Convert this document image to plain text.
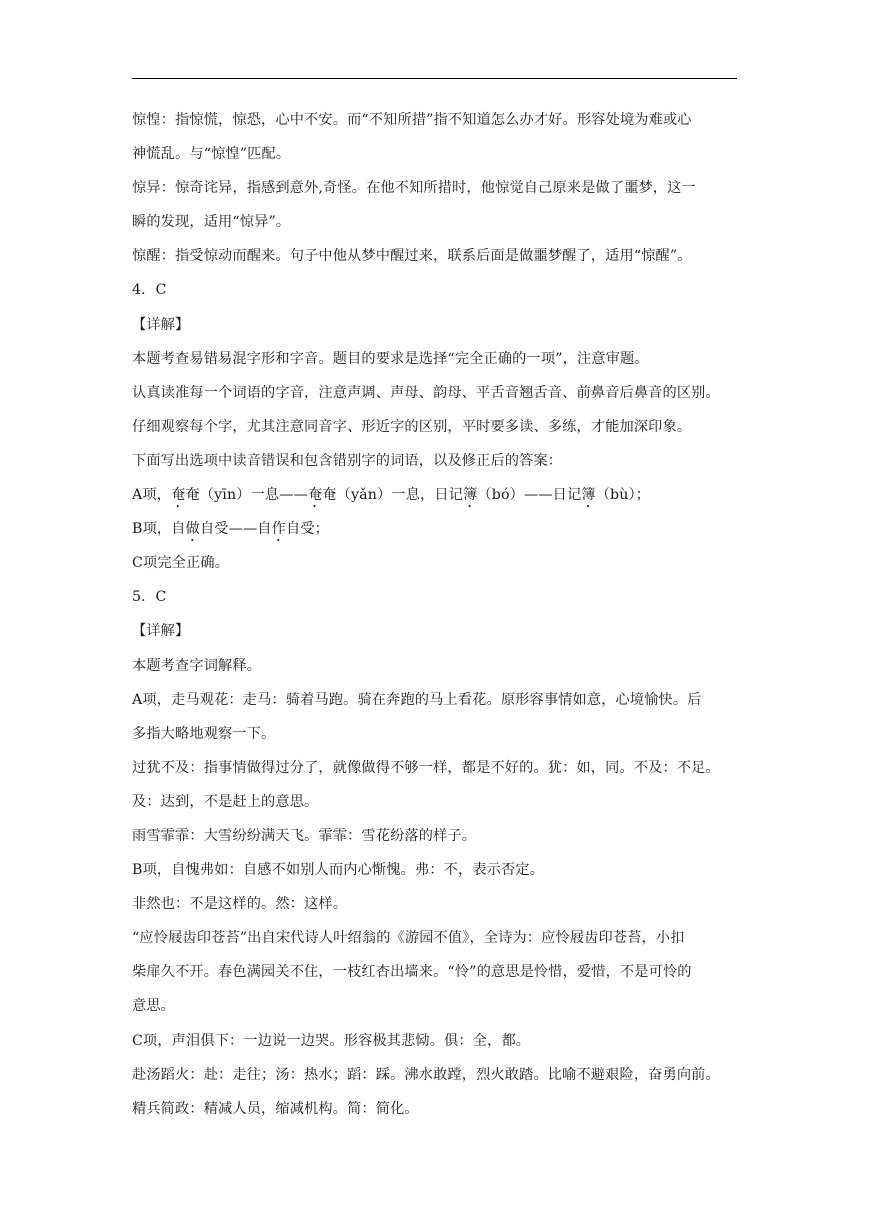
惊惶：指惊慌，惊恐，心中不安。而“不知所措”指不知道怎么办才好。形容处境为难或心
神慌乱。与“惊惶”匹配。
惊异：惊奇诧异，指感到意外,奇怪。在他不知所措时，他惊觉自己原来是做了噩梦，这一
瞬的发现，适用“惊异”。
惊醒：指受惊动而醒来。句子中他从梦中醒过来，联系后面是做噩梦醒了，适用“惊醒”。
4．C
【详解】
本题考查易错易混字形和字音。题目的要求是选择“完全正确的一项”，注意审题。
认真读准每一个词语的字音，注意声调、声母、韵母、平舌音翘舌音、前鼻音后鼻音的区别。
仔细观察每个字，尤其注意同音字、形近字的区别，平时要多读、多练，才能加深印象。
下面写出选项中读音错误和包含错别字的词语，以及修正后的答案：
A项，奄奄（yīn）一息——奄奄（yǎn）一息，日记簿（bó）——日记簿（bù）；
B项，自做自受——自作自受；
C项完全正确。
5．C
【详解】
本题考查字词解释。
A项，走马观花：走马：骑着马跑。骑在奔跑的马上看花。原形容事情如意，心境愉快。后
多指大略地观察一下。
过犹不及：指事情做得过分了，就像做得不够一样，都是不好的。犹：如，同。不及：不足。
及：达到，不是赶上的意思。
雨雪霏霏：大雪纷纷满天飞。霏霏：雪花纷落的样子。
B项，自愧弗如：自感不如别人而内心惭愧。弗：不，表示否定。
非然也：不是这样的。然：这样。
“应怜屐齿印苍苔”出自宋代诗人叶绍翁的《游园不值》，全诗为：应怜屐齿印苍苔，小扣
柴扉久不开。春色满园关不住，一枝红杏出墙来。“怜”的意思是怜惜，爱惜，不是可怜的
意思。
C项，声泪俱下：一边说一边哭。形容极其悲恸。俱：全，都。
赴汤蹈火：赴：走往；汤：热水；蹈：踩。沸水敢蹚，烈火敢踏。比喻不避艰险，奋勇向前。
精兵简政：精减人员，缩减机构。简：简化。
